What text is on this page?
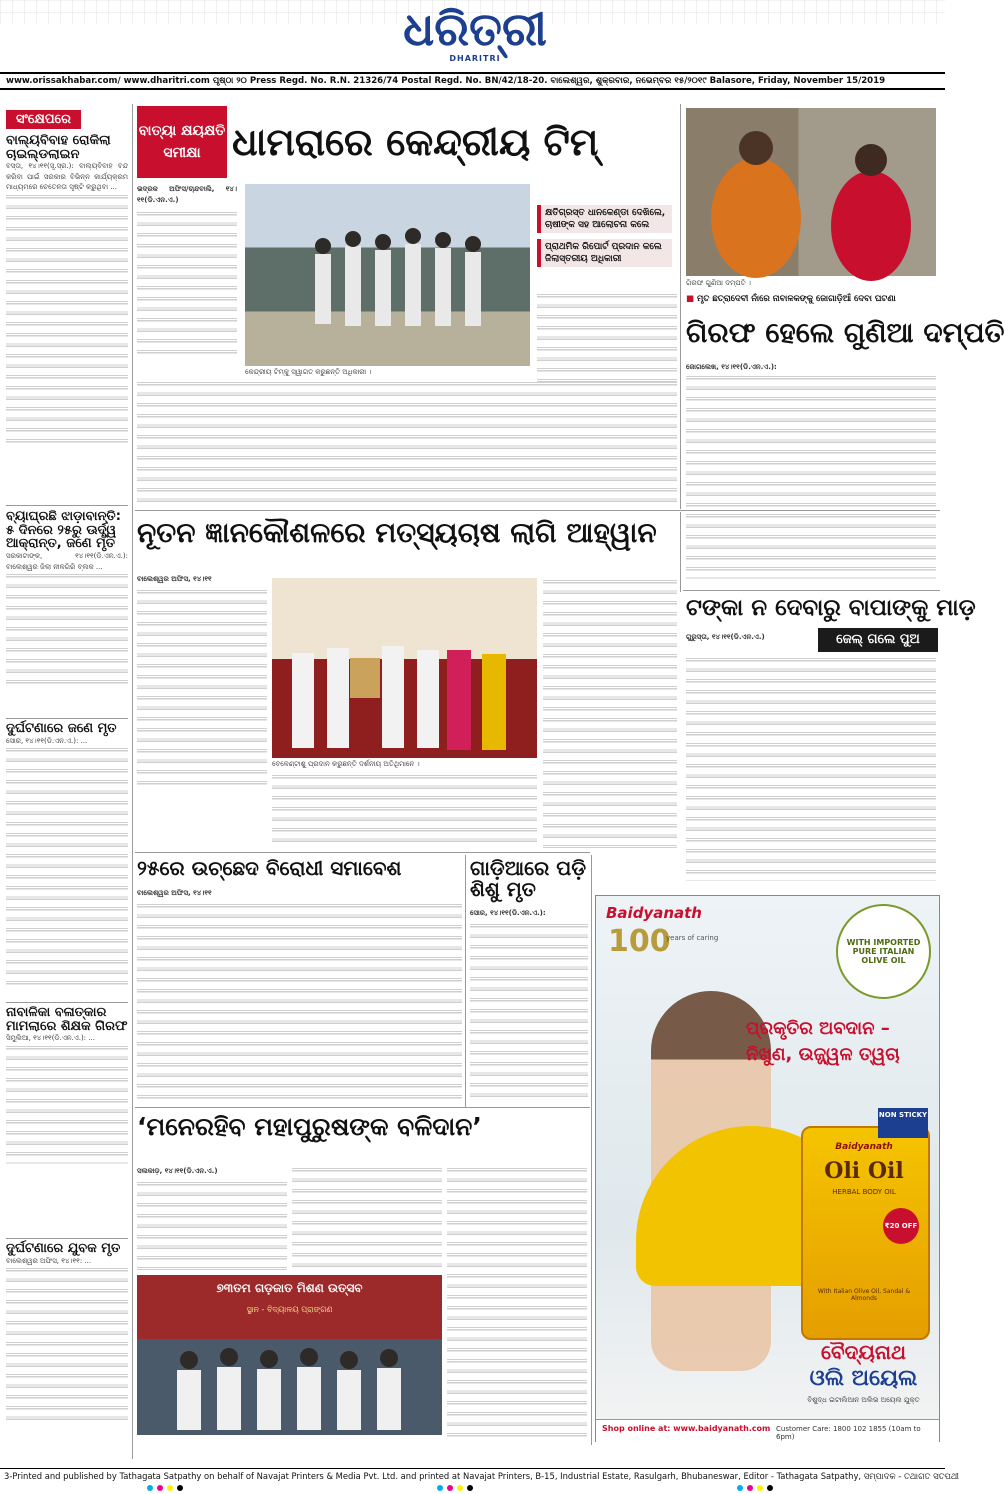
ଧରିତ୍ରୀ
DHARITRI
www.orissakhabar.com/ www.dharitri.com ପୃଷ୍ଠା ୨୦ Press Regd. No. R.N. 21326/74 Postal Regd. No. BN/42/18-20. ବାଲେଶ୍ୱର, ଶୁକ୍ରବାର, ନଭେମ୍ବର ୧୫/୨୦୧୯ Balasore, Friday, November 15/2019
ସଂକ୍ଷେପରେ
ବାଲ୍ୟବିବାହ ରୋକିଲା ଚାଇଲ୍ଡଲାଇନ
ବସ୍ତା, ୧୪।୧୧(ସୃ.ସ୍ର.): ବାଲ୍ୟବିବାହ ବନ୍ଦ କରିବା ପାଇଁ ସରକାର ବିଭିନ୍ନ କାର୍ଯ୍ୟକ୍ରମ ମାଧ୍ୟମରେ ଚେତେନତା ସୃଷ୍ଟି କରୁଥିବା ...
ବ୍ୟାଘ୍ରଛି ଝାଡ଼ାବାନ୍ତି: ୫ ଦିନରେ ୨୫ରୁ ଊର୍ଦ୍ଧ୍ୱ ଆକ୍ରାନ୍ତ, ଜଣେ ମୃତ
ସରକାଟାଙ୍କ, ୧୪।୧୧(ଡି.ଏନ.ଏ.): ବାଲେଶ୍ୱର ଜିଲା ନୀଳଗିରି ବ୍ଲକ ...
ଦୁର୍ଘଟଣାରେ ଜଣେ ମୃତ
ସୋର, ୧୪।୧୧(ଡି.ଏନ.ଏ.): ...
ନାବାଳିକା ବଳାତ୍କାର ମାମଲାରେ ଶିକ୍ଷକ ଗିରଫ
ସିମୁଲିଆ, ୧୪।୧୧(ଡି.ଏନ.ଏ.): ...
ଦୁର୍ଘଟଣାରେ ଯୁବକ ମୃତ
ବାଲେଶ୍ୱର ଅଫିସ, ୧୪।୧୧: ...
ବାତ୍ୟା କ୍ଷୟକ୍ଷତି ସମୀକ୍ଷା ଧାମରାରେ କେନ୍ଦ୍ରୀୟ ଟିମ୍
ଭଦ୍ରକ ଅଫିସ/ଚାନ୍ଦବାଲି, ୧୪।୧୧(ଡି.ଏନ.ଏ.)
କେନ୍ଦ୍ରୀୟ ଟିମ୍‌କୁ ସ୍ୱାଗତ କରୁଛନ୍ତି ଅଧିକାରୀ ।
କ୍ଷତିଗ୍ରସ୍ତ ଧାନକେଣ୍ଡା ଦେଖିଲେ, ଚାଷୀଙ୍କ ସହ ଆଲୋଚନା କଲେ
ପ୍ରାଥମିକ ରିପୋର୍ଟ ପ୍ରଦାନ କଲେ ଜିଲାସ୍ତରୀୟ ଅଧିକାରୀ
ଗିରଫ ଗୁଣିଆ ଦମ୍ପତି ।
■ ମୃତ ଛତ୍ରାଦେବୀ ନାଁରେ ନାବାଳକଙ୍କୁ ଜୋଗାଡ଼ିଆଁ ଦେବା ଘଟଣା
ଗିରଫ ହେଲେ ଗୁଣିଆ ଦମ୍ପତି
ଜୋଗଲେଖ, ୧୪।୧୧(ଡି.ଏନ.ଏ.):
ନୂତନ ଜ୍ଞାନକୌଶଳରେ ମତ୍ସ୍ୟଚାଷ ଲାଗି ଆହ୍ୱାନ
ବାଲେଶ୍ୱର ଅଫିସ, ୧୪।୧୧
ବେଳେଣ୍ଟାଶୁ ପ୍ରଦାନ କରୁଛନ୍ତି ଦର୍ଶନୀୟ ଅତିଥିମାନେ ।
ଟଙ୍କା ନ ଦେବାରୁ ବାପାଙ୍କୁ ମାଡ଼
ଗୁରୁସ୍ତା, ୧୪।୧୧(ଡି.ଏନ.ଏ.)	ଜେଲ୍ ଗଲେ ପୁଅ
୨୫ରେ ଉଚ୍ଛେଦ ବିରୋଧୀ ସମାବେଶ
ବାଲେଶ୍ୱର ଅଫିସ, ୧୪।୧୧
ଗାଡ଼ିଆରେ ପଡ଼ି ଶିଶୁ ମୃତ
ସୋର, ୧୪।୧୧(ଡି.ଏନ.ଏ.):
‘ମନେରହିବ ମହାପୁରୁଷଙ୍କ ବଳିଦାନ’
ସଲକାଡ଼, ୧୪।୧୧(ଡି.ଏନ.ଏ.)
୭୩ତମ ଗଡ଼ଜାତ ମିଶଣ ଉତ୍ସବ
ସ୍ଥାନ - ବିଦ୍ୟାଳୟ ପ୍ରାଙ୍ଗଣ
Baidyanath
100
years of caring	WITH IMPORTED PURE ITALIAN OLIVE OIL
ପ୍ରକୃତିର ଅବଦାନ – ନିଖୁଣ, ଉଜ୍ଜ୍ୱଳ ତ୍ୱଚା
Baidyanath
Oli Oil
HERBAL BODY OIL
₹20 OFF
With Italian Olive Oil, Sandal & Almonds
NON STICKY
ବୈଦ୍ୟନାଥ
ଓଲି ଅୟେଲ
ବିଶୁଦ୍ଧ ଇଟାଲିଆନ ଅଲିଭ ଅୟେଲ ଯୁକ୍ତ
Shop online at: www.baidyanath.com Customer Care: 1800 102 1855 (10am to 6pm)
3-Printed and published by Tathagata Satpathy on behalf of Navajat Printers & Media Pvt. Ltd. and printed at Navajat Printers, B-15, Industrial Estate, Rasulgarh, Bhubaneswar, Editor - Tathagata Satpathy, ସମ୍ପାଦକ - ତଥାଗତ ସତପଥୀ
